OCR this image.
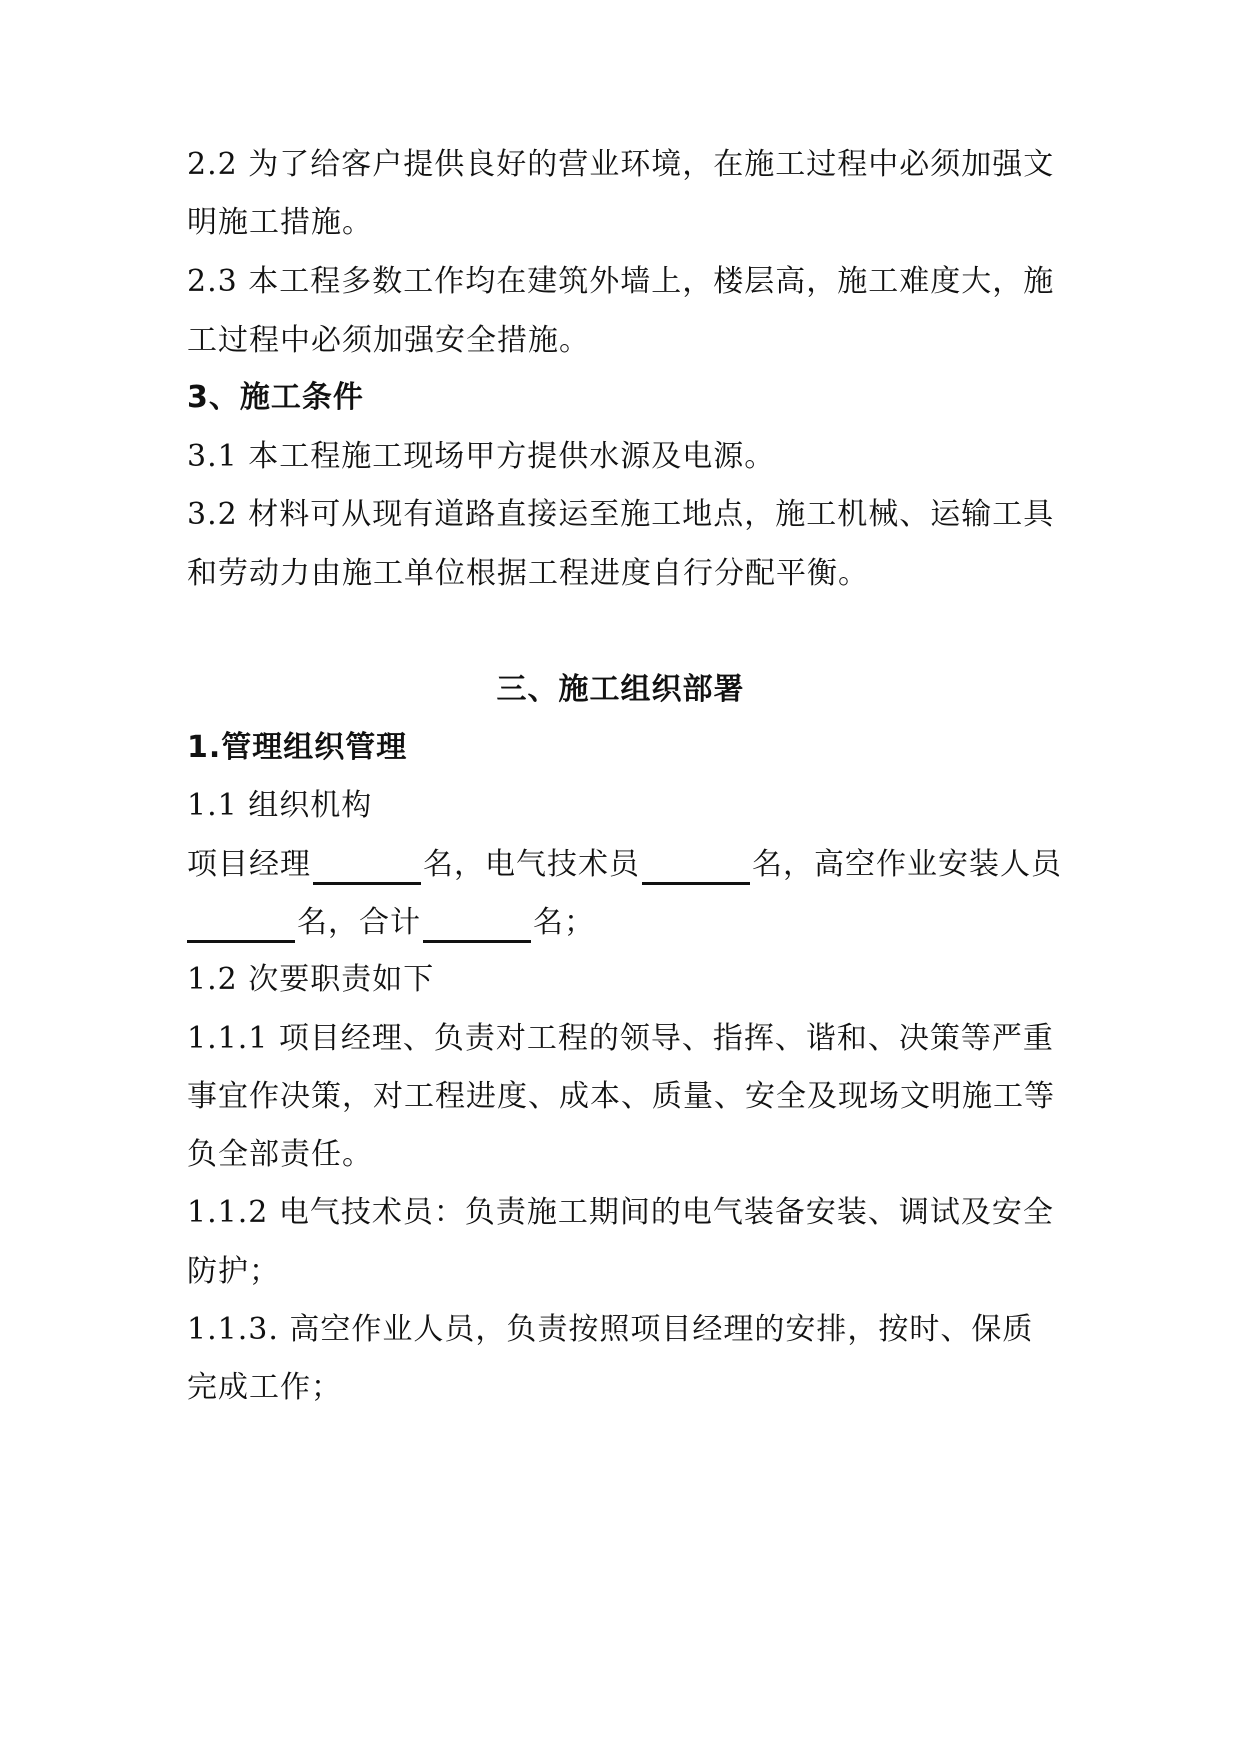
2.2 为了给客户提供良好的营业环境，在施工过程中必须加强文
明施工措施。
2.3 本工程多数工作均在建筑外墙上，楼层高，施工难度大，施
工过程中必须加强安全措施。
3、施工条件
3.1 本工程施工现场甲方提供水源及电源。
3.2 材料可从现有道路直接运至施工地点，施工机械、运输工具
和劳动力由施工单位根据工程进度自行分配平衡。
三、施工组织部署
1.管理组织管理
1.1 组织机构
项目经理	名，电气技术员	名，高空作业安装人员
名，合计	名；
1.2 次要职责如下
1.1.1 项目经理、负责对工程的领导、指挥、谐和、决策等严重
事宜作决策，对工程进度、成本、质量、安全及现场文明施工等
负全部责任。
1.1.2 电气技术员：负责施工期间的电气装备安装、调试及安全
防护；
1.1.3. 高空作业人员，负责按照项目经理的安排，按时、保质
完成工作；
